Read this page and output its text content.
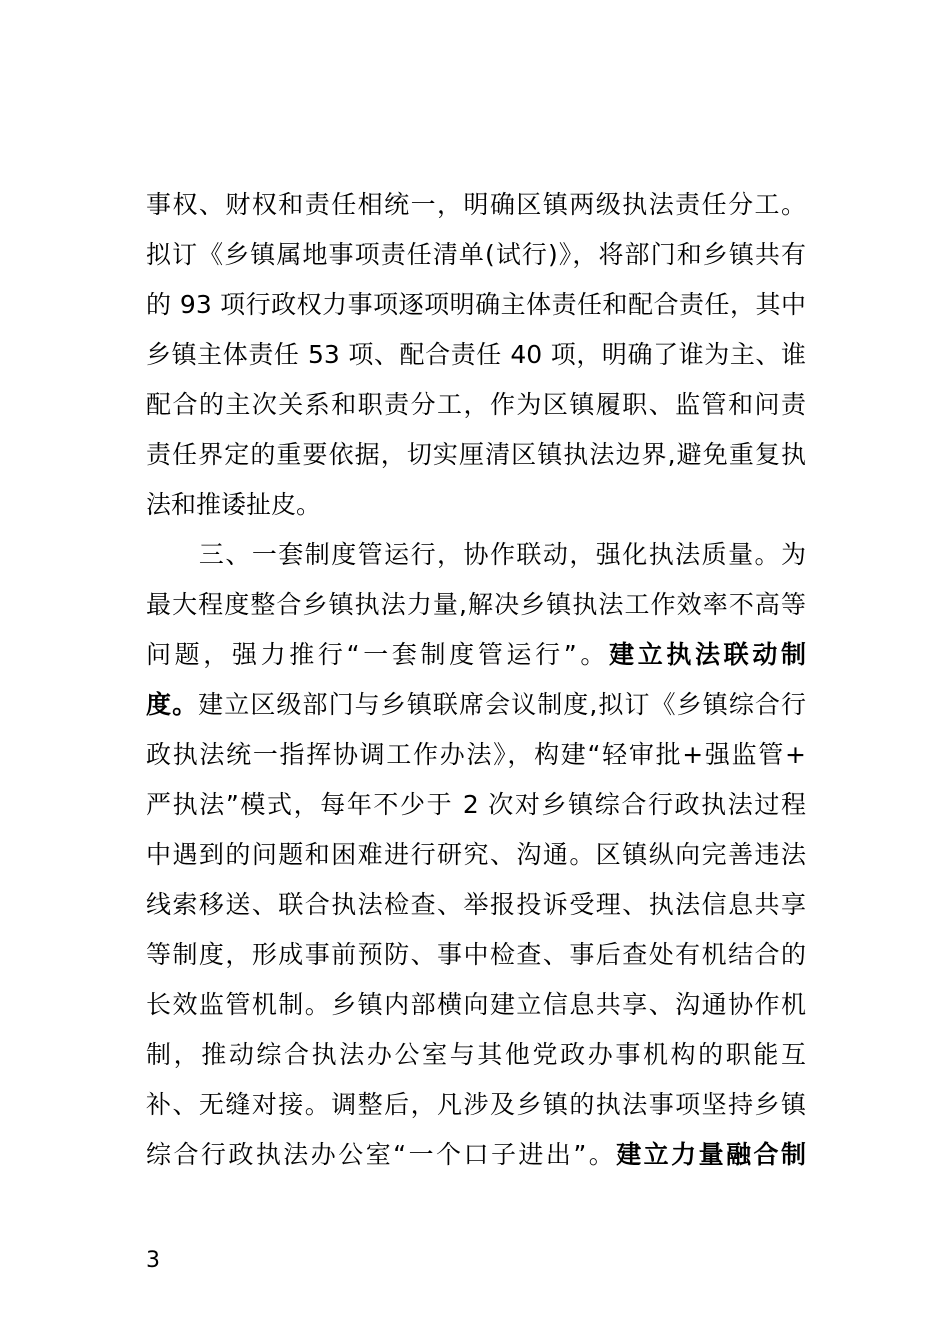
事权、财权和责任相统一，明确区镇两级执法责任分工。
拟订《乡镇属地事项责任清单(试行)》，将部门和乡镇共有
的 93 项行政权力事项逐项明确主体责任和配合责任，其中
乡镇主体责任 53 项、配合责任 40 项，明确了谁为主、谁
配合的主次关系和职责分工，作为区镇履职、监管和问责
责任界定的重要依据，切实厘清区镇执法边界,避免重复执
法和推诿扯皮。

　　三、一套制度管运行，协作联动，强化执法质量。为
最大程度整合乡镇执法力量,解决乡镇执法工作效率不高等
问题，强力推行“一套制度管运行”。建立执法联动制
度。建立区级部门与乡镇联席会议制度,拟订《乡镇综合行
政执法统一指挥协调工作办法》，构建“轻审批+强监管+
严执法”模式，每年不少于 2 次对乡镇综合行政执法过程
中遇到的问题和困难进行研究、沟通。区镇纵向完善违法
线索移送、联合执法检查、举报投诉受理、执法信息共享
等制度，形成事前预防、事中检查、事后查处有机结合的
长效监管机制。乡镇内部横向建立信息共享、沟通协作机
制，推动综合执法办公室与其他党政办事机构的职能互
补、无缝对接。调整后，凡涉及乡镇的执法事项坚持乡镇
综合行政执法办公室“一个口子进出”。建立力量融合制

3
